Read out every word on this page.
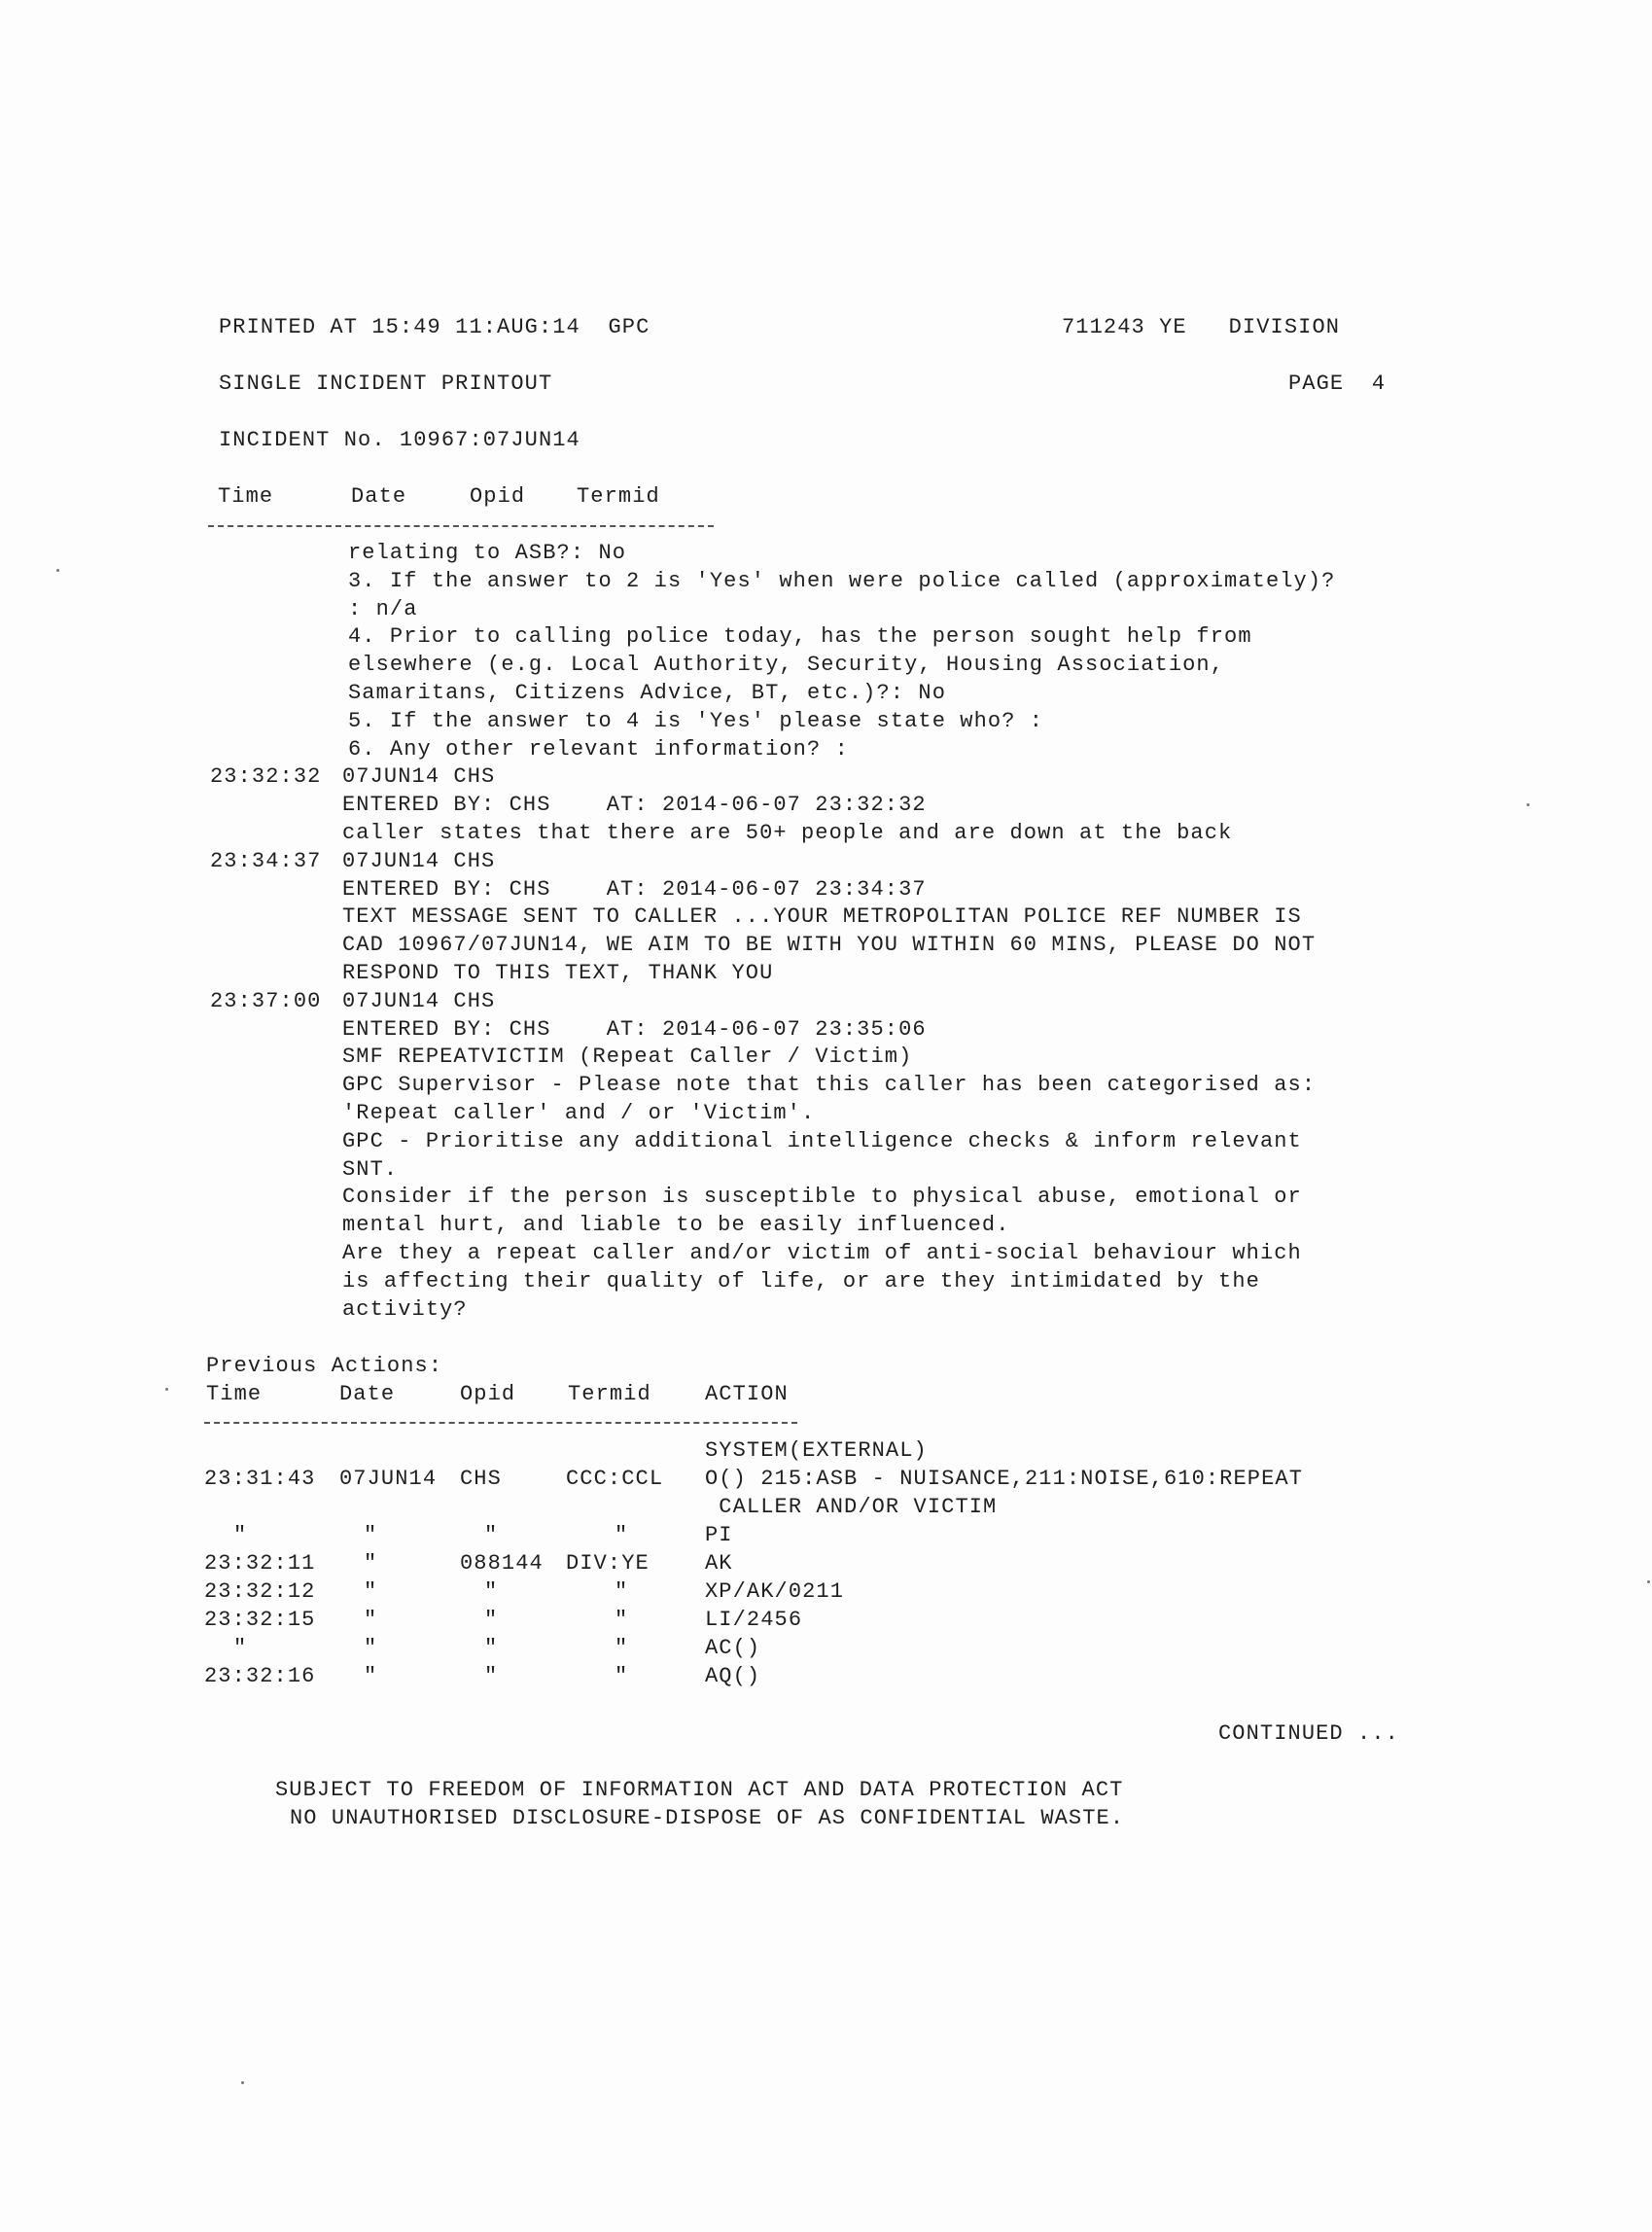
PRINTED AT 15:49 11:AUG:14  GPC	711243 YE   DIVISION
SINGLE INCIDENT PRINTOUT	PAGE  4
INCIDENT No. 10967:07JUN14
Time	Date	Opid Termid
relating to ASB?: No
3. If the answer to 2 is 'Yes' when were police called (approximately)?
: n/a
4. Prior to calling police today, has the person sought help from
elsewhere (e.g. Local Authority, Security, Housing Association,
Samaritans, Citizens Advice, BT, etc.)?: No
5. If the answer to 4 is 'Yes' please state who? :
6. Any other relevant information? :
23:32:32 07JUN14 CHS
ENTERED BY: CHS    AT: 2014-06-07 23:32:32
caller states that there are 50+ people and are down at the back
23:34:37 07JUN14 CHS
ENTERED BY: CHS    AT: 2014-06-07 23:34:37
TEXT MESSAGE SENT TO CALLER ...YOUR METROPOLITAN POLICE REF NUMBER IS
CAD 10967/07JUN14, WE AIM TO BE WITH YOU WITHIN 60 MINS, PLEASE DO NOT
RESPOND TO THIS TEXT, THANK YOU
23:37:00 07JUN14 CHS
ENTERED BY: CHS    AT: 2014-06-07 23:35:06
SMF REPEATVICTIM (Repeat Caller / Victim)
GPC Supervisor - Please note that this caller has been categorised as:
'Repeat caller' and / or 'Victim'.
GPC - Prioritise any additional intelligence checks & inform relevant
SNT.
Consider if the person is susceptible to physical abuse, emotional or
mental hurt, and liable to be easily influenced.
Are they a repeat caller and/or victim of anti-social behaviour which
is affecting their quality of life, or are they intimidated by the
activity?
Previous Actions:
Time	Date	Opid Termid	ACTION
SYSTEM(EXTERNAL)
23:31:43 07JUN14 CHS	CCC:CCL O() 215:ASB - NUISANCE,211:NOISE,610:REPEAT
CALLER AND/OR VICTIM
"	"	"	"	PI
23:32:11 "	088144 DIV:YE	AK
23:32:12 "	"	"	XP/AK/0211
23:32:15 "	"	"	LI/2456
"	"	"	"	AC()
23:32:16 "	"	"	AQ()
CONTINUED ...
SUBJECT TO FREEDOM OF INFORMATION ACT AND DATA PROTECTION ACT
NO UNAUTHORISED DISCLOSURE-DISPOSE OF AS CONFIDENTIAL WASTE.
